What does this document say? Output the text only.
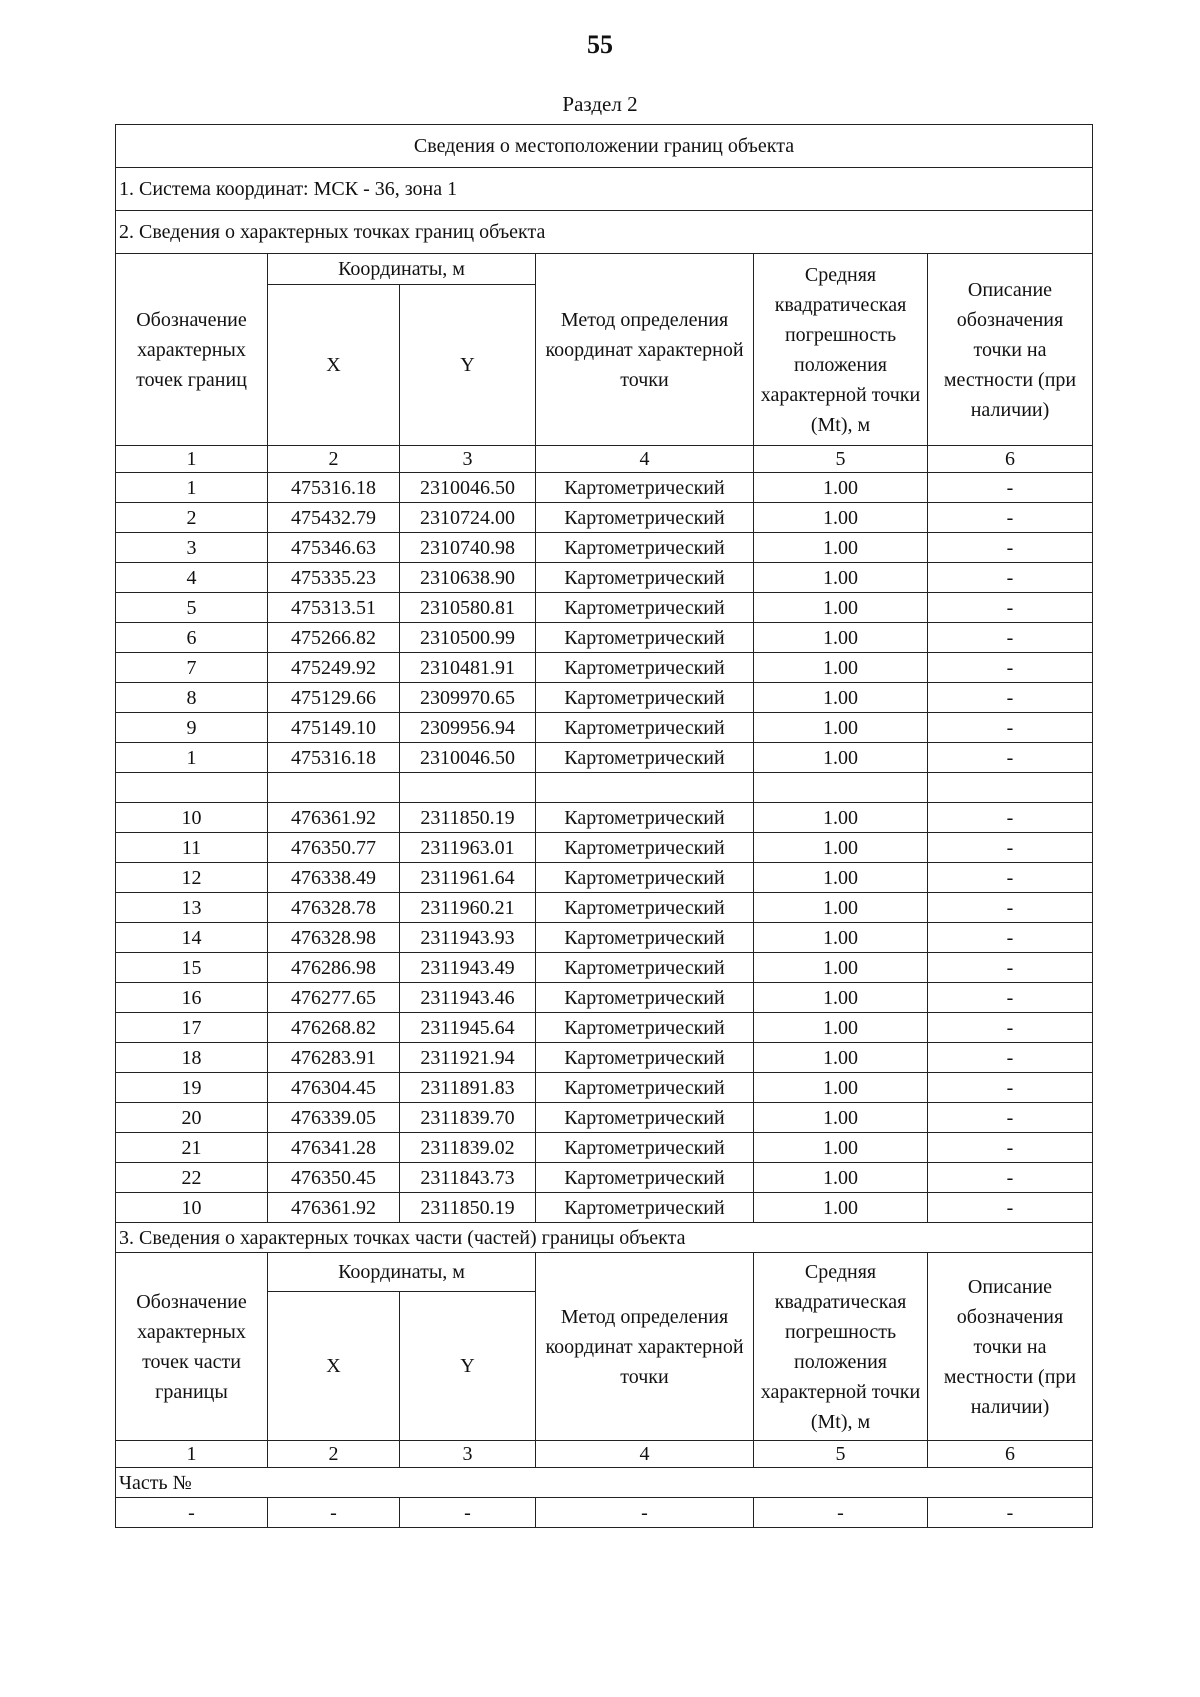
55
Раздел 2
Сведения о местоположении границ объекта					
1. Система координат: МСК - 36, зона 1					
2. Сведения о характерных точках границ объекта					
Обозначение характерных точек границ	Координаты, м		Метод определения координат характерной точки	Средняя квадратическая погрешность положения характерной точки (Mt), м	Описание обозначения точки на местности (при наличии)
	X	Y			
1	2	3	4	5	6
1	475316.18	2310046.50	Картометрический	1.00	-
2	475432.79	2310724.00	Картометрический	1.00	-
3	475346.63	2310740.98	Картометрический	1.00	-
4	475335.23	2310638.90	Картометрический	1.00	-
5	475313.51	2310580.81	Картометрический	1.00	-
6	475266.82	2310500.99	Картометрический	1.00	-
7	475249.92	2310481.91	Картометрический	1.00	-
8	475129.66	2309970.65	Картометрический	1.00	-
9	475149.10	2309956.94	Картометрический	1.00	-
1	475316.18	2310046.50	Картометрический	1.00	-

10	476361.92	2311850.19	Картометрический	1.00	-
11	476350.77	2311963.01	Картометрический	1.00	-
12	476338.49	2311961.64	Картометрический	1.00	-
13	476328.78	2311960.21	Картометрический	1.00	-
14	476328.98	2311943.93	Картометрический	1.00	-
15	476286.98	2311943.49	Картометрический	1.00	-
16	476277.65	2311943.46	Картометрический	1.00	-
17	476268.82	2311945.64	Картометрический	1.00	-
18	476283.91	2311921.94	Картометрический	1.00	-
19	476304.45	2311891.83	Картометрический	1.00	-
20	476339.05	2311839.70	Картометрический	1.00	-
21	476341.28	2311839.02	Картометрический	1.00	-
22	476350.45	2311843.73	Картометрический	1.00	-
10	476361.92	2311850.19	Картометрический	1.00	-
3. Сведения о характерных точках части (частей) границы объекта					
Обозначение характерных точек части границы	Координаты, м		Метод определения координат характерной точки	Средняя квадратическая погрешность положения характерной точки (Mt), м	Описание обозначения точки на местности (при наличии)
	X	Y			
1	2	3	4	5	6
Часть №					
-	-	-	-	-	-
